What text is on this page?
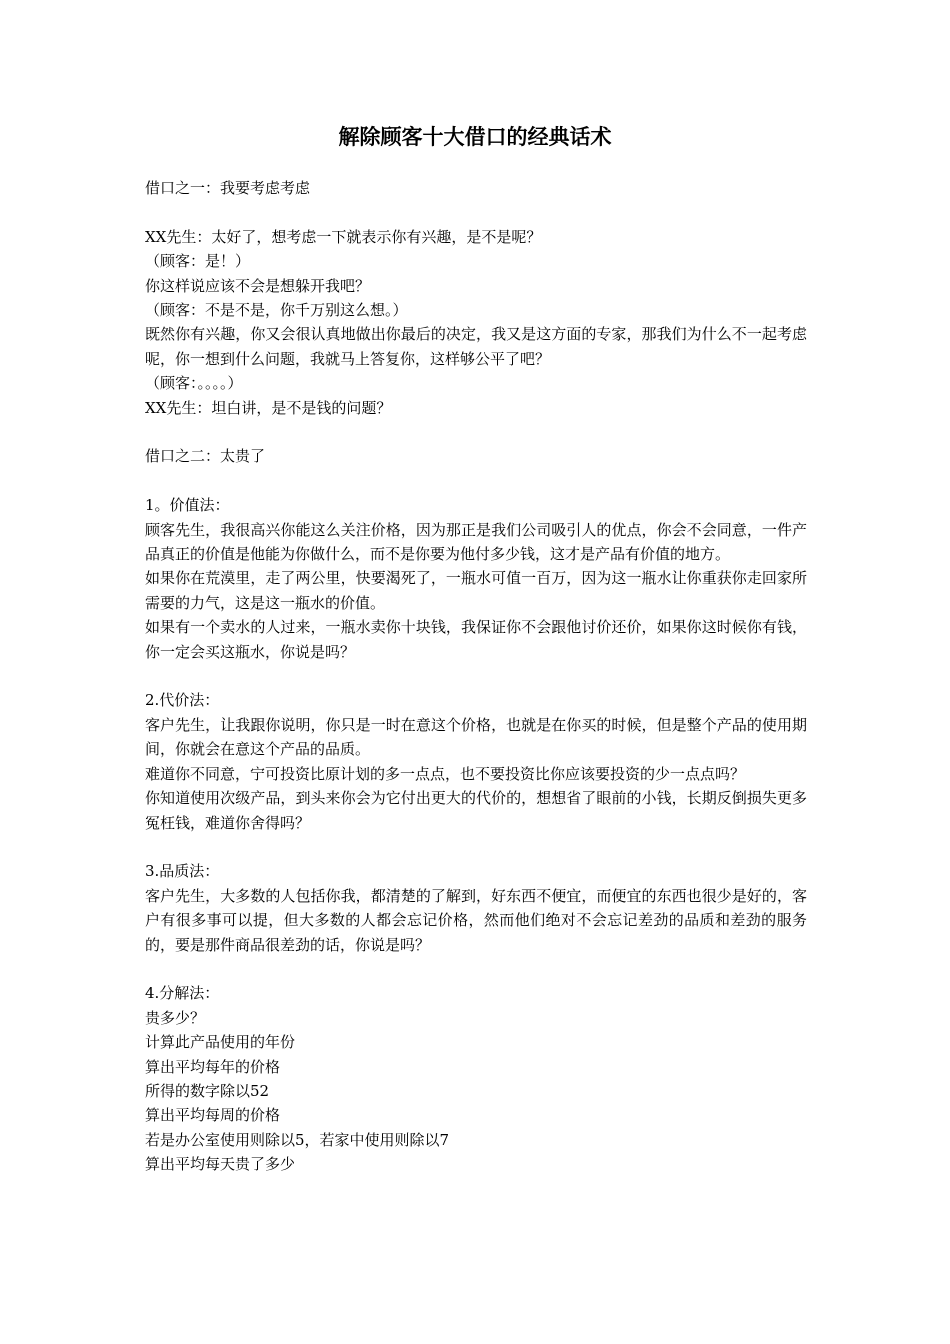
解除顾客十大借口的经典话术

借口之一：我要考虑考虑

XX先生：太好了，想考虑一下就表示你有兴趣，是不是呢？

（顾客：是！）

你这样说应该不会是想躲开我吧？

（顾客：不是不是，你千万别这么想。）

既然你有兴趣，你又会很认真地做出你最后的决定，我又是这方面的专家，那我们为什么不一起考虑呢，你一想到什么问题，我就马上答复你，这样够公平了吧？

（顾客：。。。。）

XX先生：坦白讲，是不是钱的问题？

借口之二：太贵了

1。价值法：

顾客先生，我很高兴你能这么关注价格，因为那正是我们公司吸引人的优点，你会不会同意，一件产品真正的价值是他能为你做什么，而不是你要为他付多少钱，这才是产品有价值的地方。

如果你在荒漠里，走了两公里，快要渴死了，一瓶水可值一百万，因为这一瓶水让你重获你走回家所需要的力气，这是这一瓶水的价值。

如果有一个卖水的人过来，一瓶水卖你十块钱，我保证你不会跟他讨价还价，如果你这时候你有钱，你一定会买这瓶水，你说是吗？

2.代价法：

客户先生，让我跟你说明，你只是一时在意这个价格，也就是在你买的时候，但是整个产品的使用期间，你就会在意这个产品的品质。

难道你不同意，宁可投资比原计划的多一点点，也不要投资比你应该要投资的少一点点吗？

你知道使用次级产品，到头来你会为它付出更大的代价的，想想省了眼前的小钱，长期反倒损失更多冤枉钱，难道你舍得吗？

3.品质法：

客户先生，大多数的人包括你我，都清楚的了解到，好东西不便宜，而便宜的东西也很少是好的，客户有很多事可以提，但大多数的人都会忘记价格，然而他们绝对不会忘记差劲的品质和差劲的服务的，要是那件商品很差劲的话，你说是吗？

4.分解法：

贵多少？

计算此产品使用的年份

算出平均每年的价格

所得的数字除以52

算出平均每周的价格

若是办公室使用则除以5，若家中使用则除以7

算出平均每天贵了多少
